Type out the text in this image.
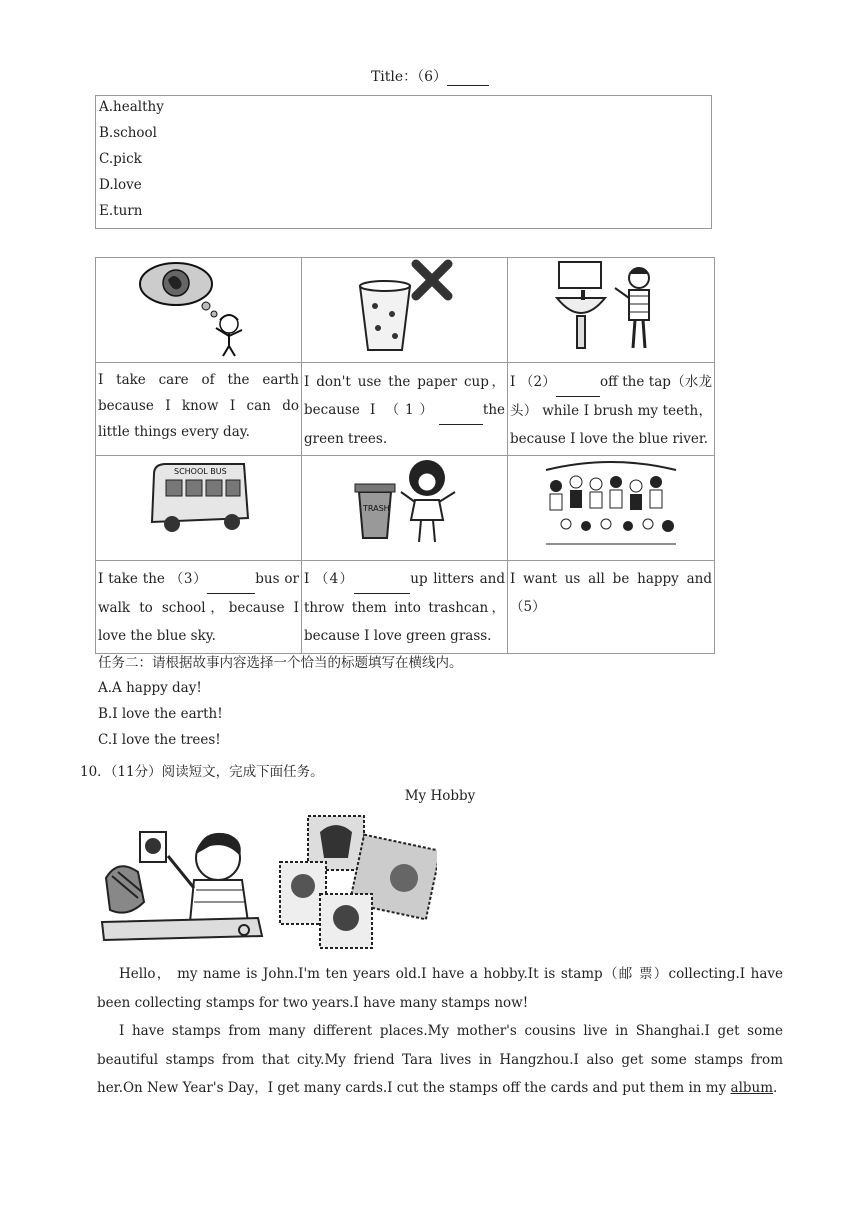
Title：（6）
A.healthy
B.school
C.pick
D.love
E.turn

I take care of the earth because I know I can do little things every day.	I don't use the paper cup，because I （1） the green trees.	I （2） off the tap（水龙头） while I brush my teeth，because I love the blue river.

SCHOOL BUS	TRASH

I take the （3） bus or walk to school，because I love the blue sky.	I （4） up litters and throw them into trashcan，because I love green grass.	I want us all be happy and （5）
任务二：请根据故事内容选择一个恰当的标题填写在横线内。
A.A happy day!
B.I love the earth!
C.I love the trees!
10．（11分）阅读短文，完成下面任务。
My Hobby

Hello， my name is John.I'm ten years old.I have a hobby.It is stamp（邮 票）collecting.I have been collecting stamps for two years.I have many stamps now!

I have stamps from many different places.My mother's cousins live in Shanghai.I get some beautiful stamps from that city.My friend Tara lives in Hangzhou.I also get some stamps from her.On New Year's Day，I get many cards.I cut the stamps off the cards and put them in my album.
